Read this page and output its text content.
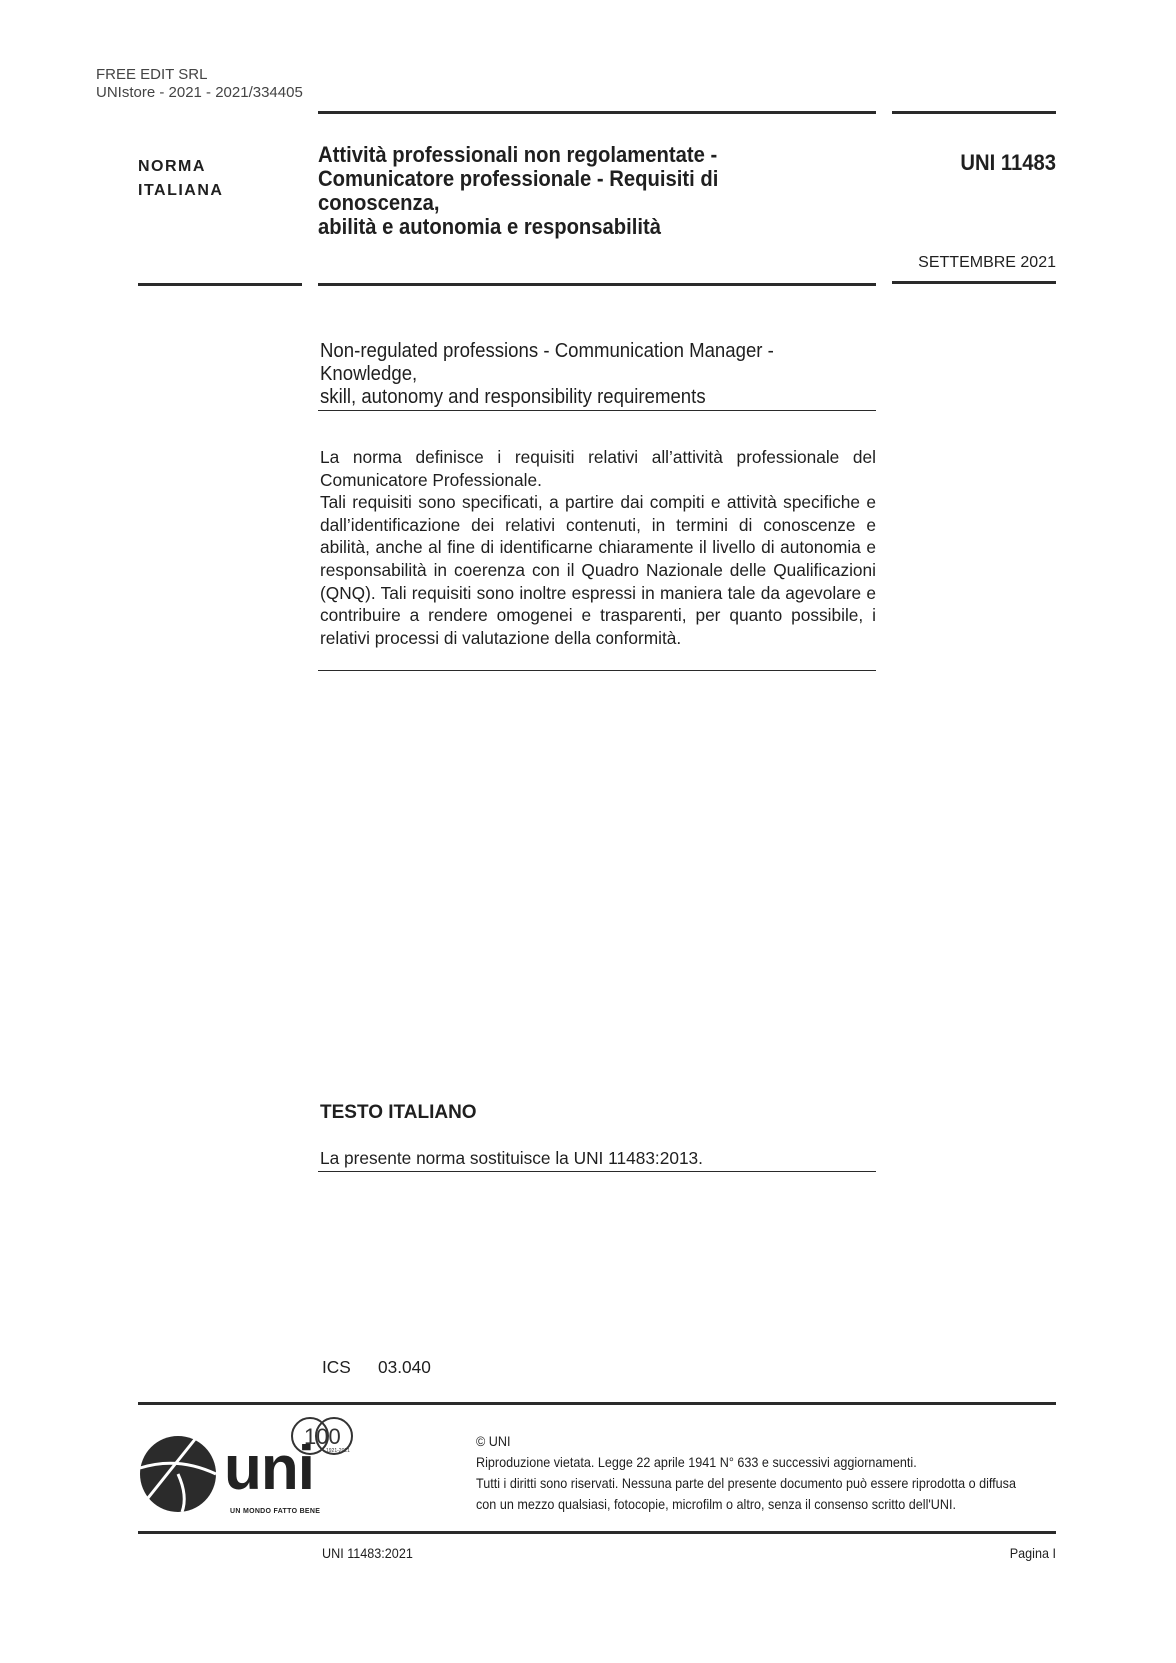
FREE EDIT SRL
UNIstore - 2021 - 2021/334405
NORMA
ITALIANA
Attività professionali non regolamentate -
Comunicatore professionale - Requisiti di conoscenza,
abilità e autonomia e responsabilità
UNI 11483
SETTEMBRE 2021
Non-regulated professions - Communication Manager - Knowledge,
skill, autonomy and responsibility requirements

La norma definisce i requisiti relativi all’attività professionale del Comunicatore Professionale.

Tali requisiti sono specificati, a partire dai compiti e attività specifiche e dall’identificazione dei relativi contenuti, in termini di conoscenze e abilità, anche al fine di identificarne chiaramente il livello di autonomia e responsabilità in coerenza con il Quadro Nazionale delle Qualificazioni (QNQ). Tali requisiti sono inoltre espressi in maniera tale da agevolare e contribuire a rendere omogenei e trasparenti, per quanto possibile, i relativi processi di valutazione della conformità.

TESTO ITALIANO
La presente norma sostituisce la UNI 11483:2013.
ICS 03.040
100
1921-2021
uni
UN MONDO FATTO BENE
© UNI
Riproduzione vietata. Legge 22 aprile 1941 N° 633 e successivi aggiornamenti.
Tutti i diritti sono riservati. Nessuna parte del presente documento può essere riprodotta o diffusa
con un mezzo qualsiasi, fotocopie, microfilm o altro, senza il consenso scritto dell'UNI.
UNI 11483:2021	Pagina I
